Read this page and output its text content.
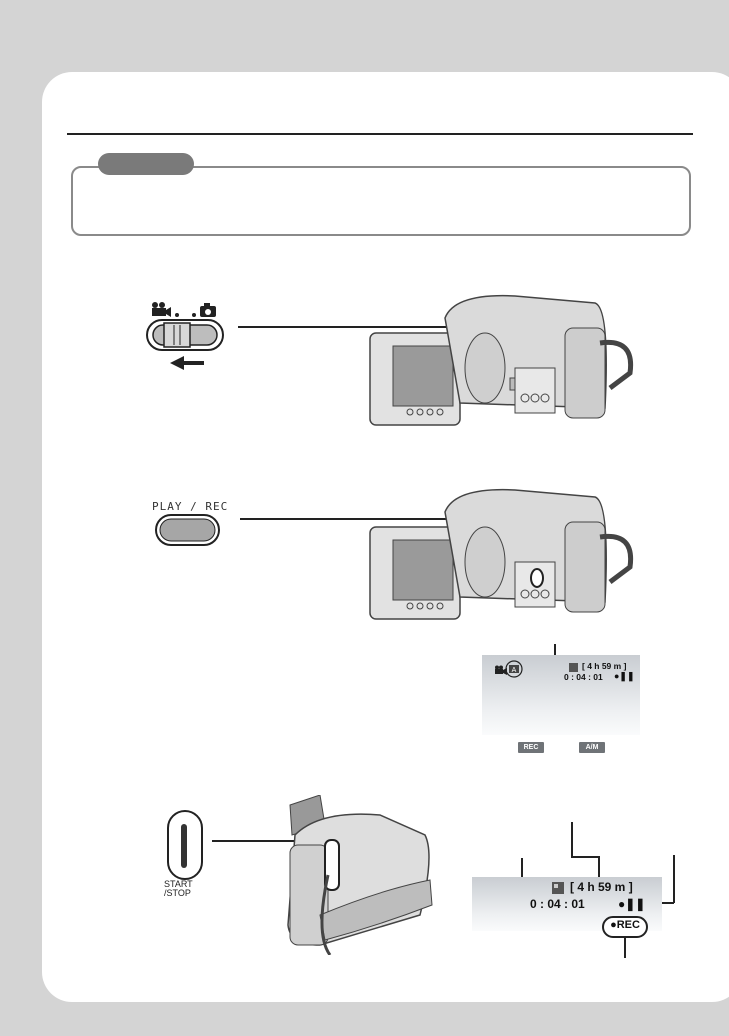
PLAY / REC
A	[ 4 h 59 m ]
0 : 04 : 01 ●❚❚
REC	A/M
START
/STOP	[ 4 h 59 m ]
0 : 04 : 01	●❚❚
●REC
